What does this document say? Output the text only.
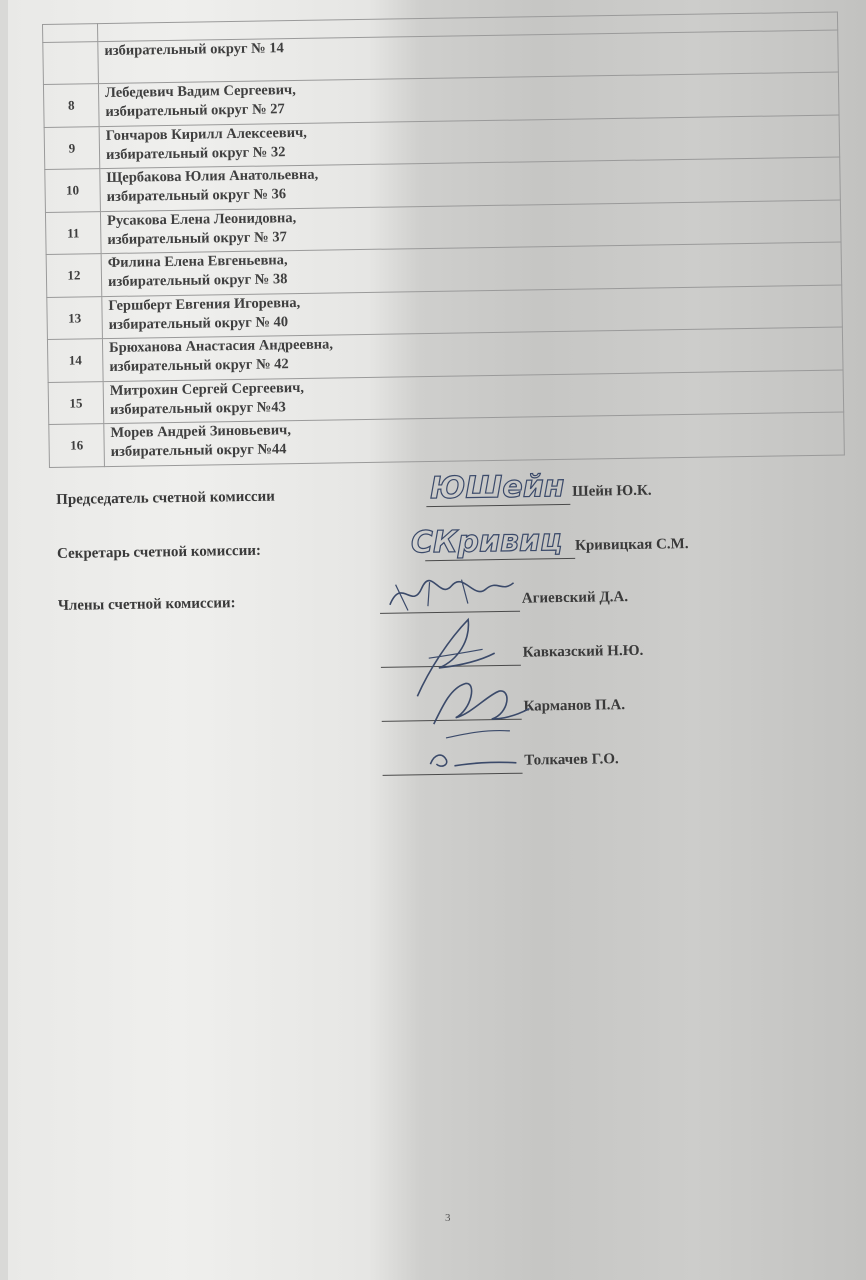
	избирательный округ № 14
8	Лебедевич Вадим Сергеевич,
избирательный округ № 27

9	Гончаров Кирилл Алексеевич,
избирательный округ № 32

10	Щербакова Юлия Анатольевна,
избирательный округ № 36

11	Русакова Елена Леонидовна,
избирательный округ № 37

12	Филина Елена Евгеньевна,
избирательный округ № 38

13	Гершберт Евгения Игоревна,
избирательный округ № 40

14	Брюханова Анастасия Андреевна,
избирательный округ № 42

15	Митрохин Сергей Сергеевич,
избирательный округ №43

16	Морев Андрей Зиновьевич,
избирательный округ №44
Председатель счетной комиссии	Шейн Ю.К.
ЮШейн
Секретарь счетной комиссии:	Кривицкая С.М.
СКривиц
Члены счетной комиссии:	Агиевский Д.А.
Кавказский Н.Ю.
Карманов П.А.
Толкачев Г.О.
3
